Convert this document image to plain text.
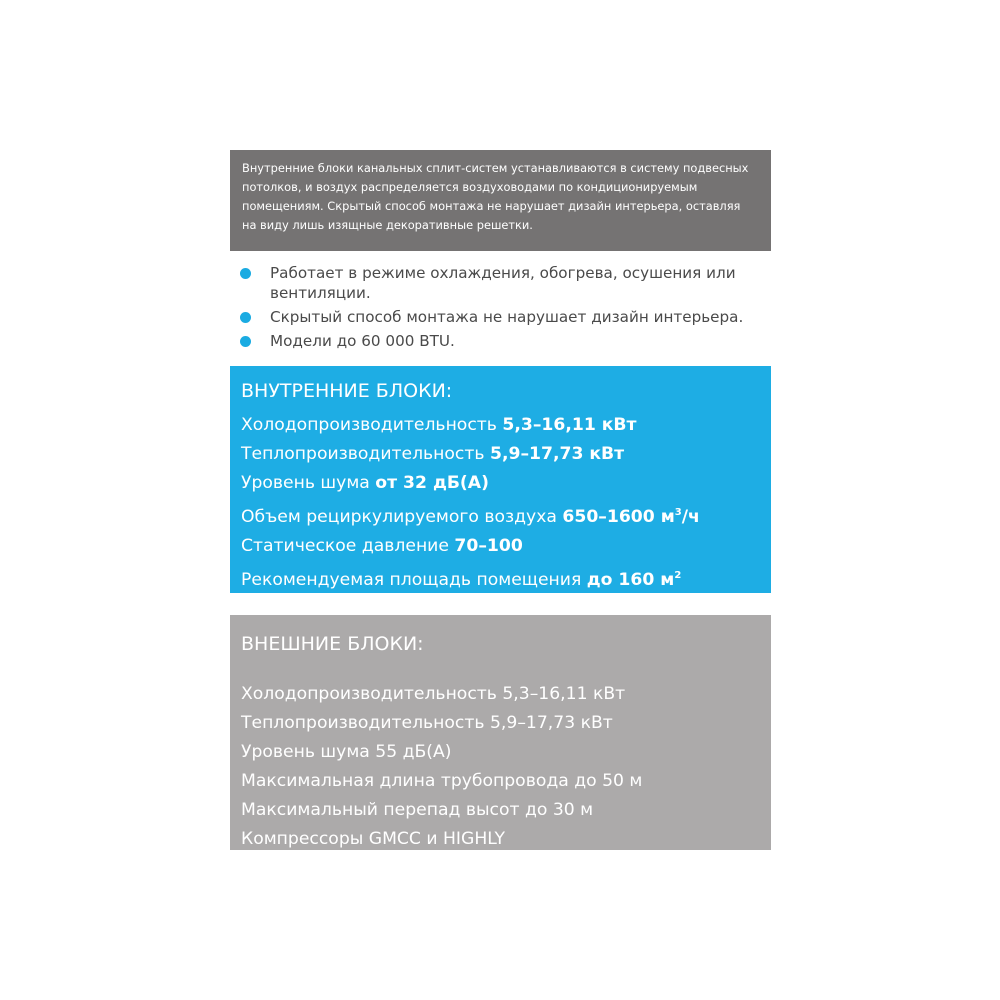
Внутренние блоки канальных сплит-систем устанавливаются в систему подвесных

потолков, и воздух распределяется воздуховодами по кондиционируемым

помещениям. Скрытый способ монтажа не нарушает дизайн интерьера, оставляя

на виду лишь изящные декоративные решетки.

Работает в режиме охлаждения, обогрева, осушения или
вентиляции.
Скрытый способ монтажа не нарушает дизайн интерьера.
Модели до 60 000 BTU.
ВНУТРЕННИЕ БЛОКИ:
Холодопроизводительность 5,3–16,11 кВт
Теплопроизводительность 5,9–17,73 кВт
Уровень шума от 32 дБ(А)
Объем рециркулируемого воздуха 650–1600 $м^3/ч$
Статическое давление 70–100
Рекомендуемая площадь помещения до 160 $м^2$
ВНЕШНИЕ БЛОКИ:
Холодопроизводительность 5,3–16,11 кВт
Теплопроизводительность 5,9–17,73 кВт
Уровень шума 55 дБ(А)
Максимальная длина трубопровода до 50 м
Максимальный перепад высот до 30 м
Компрессоры GMCC и HIGHLY
